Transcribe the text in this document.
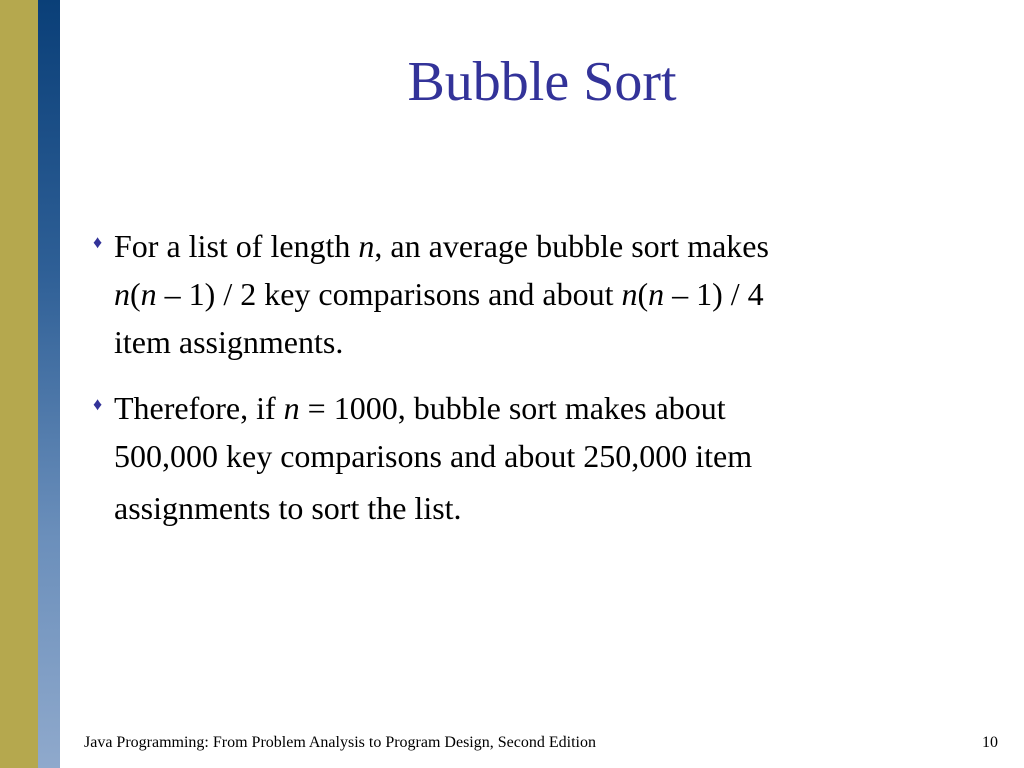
Bubble Sort
♦ For a list of length n, an average bubble sort makes
n(n – 1) / 2 key comparisons and about n(n – 1) / 4
item assignments.
♦ Therefore, if n = 1000, bubble sort makes about
500,000 key comparisons and about 250,000 item
assignments to sort the list.
Java Programming: From Problem Analysis to Program Design, Second Edition	10
